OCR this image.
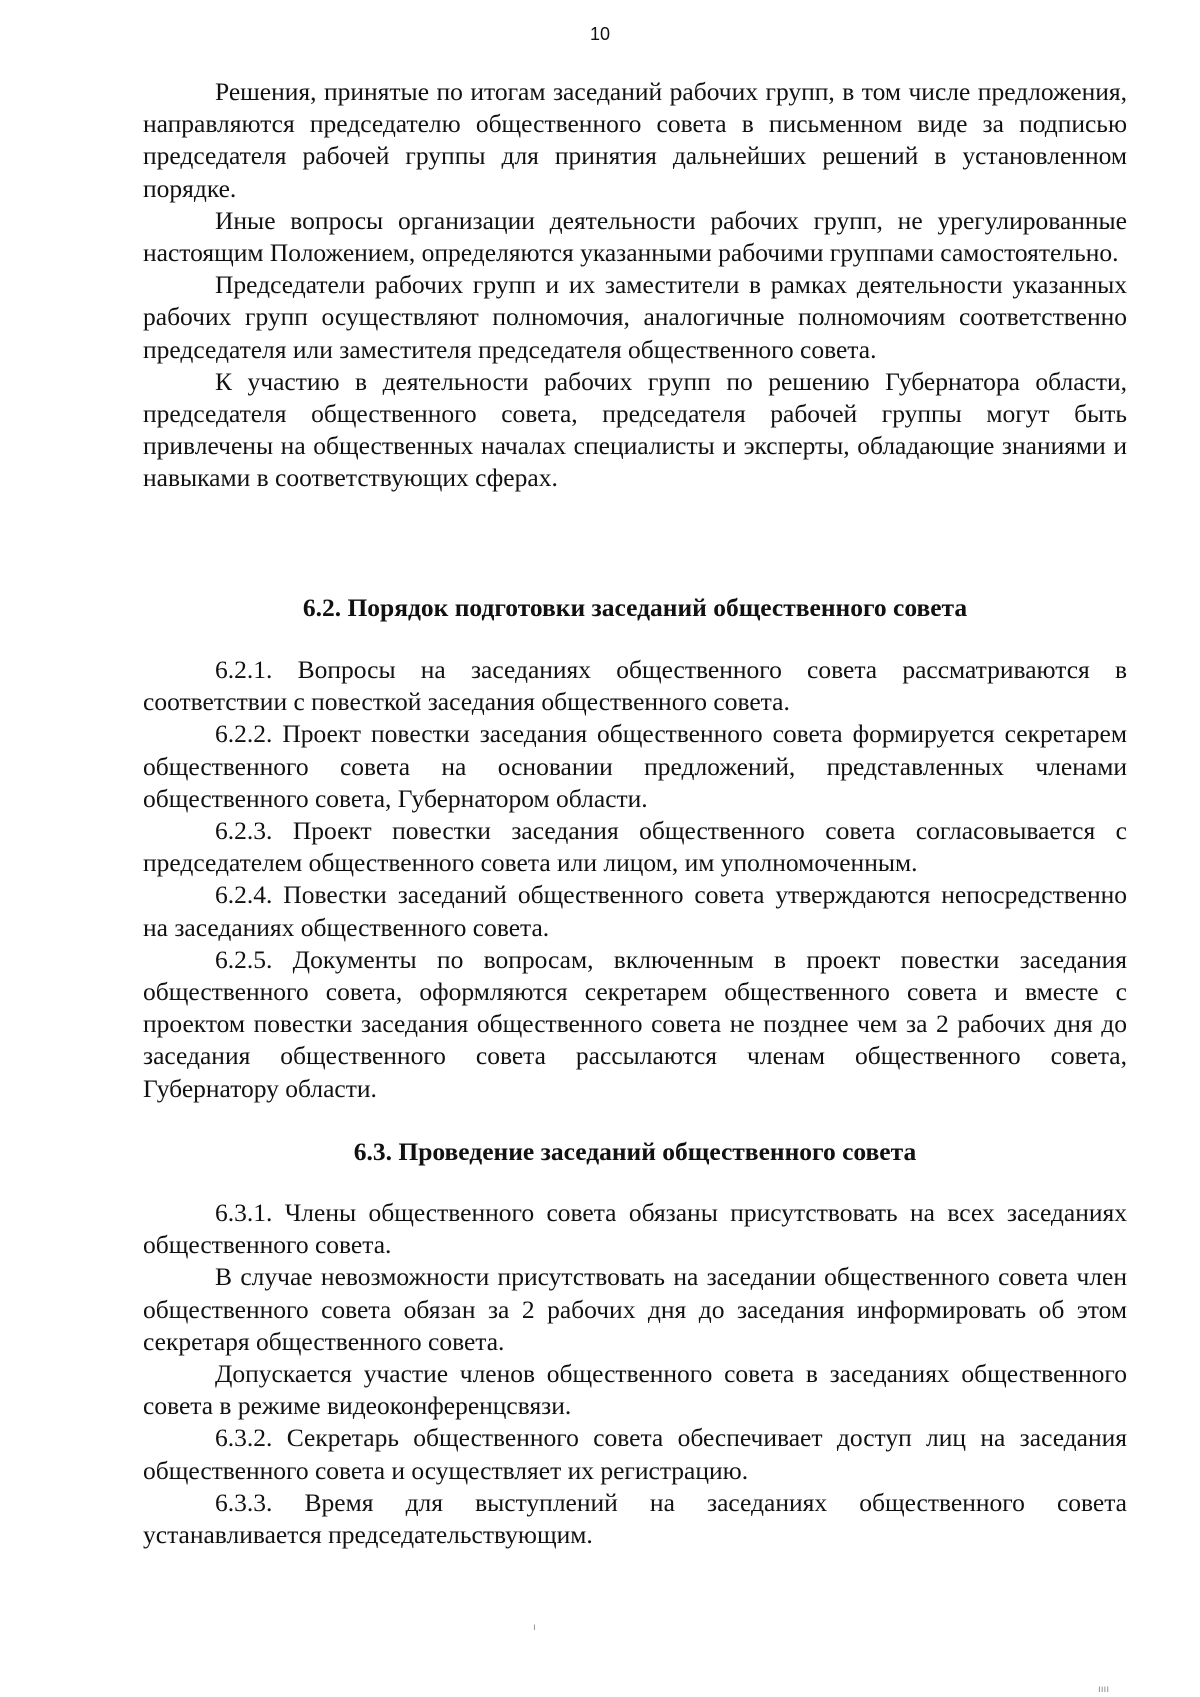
10

Решения, принятые по итогам заседаний рабочих групп, в том числе предложения, направляются председателю общественного совета в письменном виде за подписью председателя рабочей группы для принятия дальнейших решений в установленном порядке.

Иные вопросы организации деятельности рабочих групп, не урегулированные настоящим Положением, определяются указанными рабочими группами самостоятельно.

Председатели рабочих групп и их заместители в рамках деятельности указанных рабочих групп осуществляют полномочия, аналогичные полномочиям соответственно председателя или заместителя председателя общественного совета.

К участию в деятельности рабочих групп по решению Губернатора области, председателя общественного совета, председателя рабочей группы могут быть привлечены на общественных началах специалисты и эксперты, обладающие знаниями и навыками в соответствующих сферах.

6.2. Порядок подготовки заседаний общественного совета

6.2.1. Вопросы на заседаниях общественного совета рассматриваются в соответствии с повесткой заседания общественного совета.

6.2.2. Проект повестки заседания общественного совета формируется секретарем общественного совета на основании предложений, представленных членами общественного совета, Губернатором области.

6.2.3. Проект повестки заседания общественного совета согласовывается с председателем общественного совета или лицом, им уполномоченным.

6.2.4. Повестки заседаний общественного совета утверждаются непосредственно на заседаниях общественного совета.

6.2.5. Документы по вопросам, включенным в проект повестки заседания общественного совета, оформляются секретарем общественного совета и вместе с проектом повестки заседания общественного совета не позднее чем за 2 рабочих дня до заседания общественного совета рассылаются членам общественного совета, Губернатору области.

6.3. Проведение заседаний общественного совета

6.3.1. Члены общественного совета обязаны присутствовать на всех заседаниях общественного совета.

В случае невозможности присутствовать на заседании общественного совета член общественного совета обязан за 2 рабочих дня до заседания информировать об этом секретаря общественного совета.

Допускается участие членов общественного совета в заседаниях общественного совета в режиме видеоконференцсвязи.

6.3.2. Секретарь общественного совета обеспечивает доступ лиц на заседания общественного совета и осуществляет их регистрацию.

6.3.3. Время для выступлений на заседаниях общественного совета устанавливается председательствующим.

ı
ıııı
